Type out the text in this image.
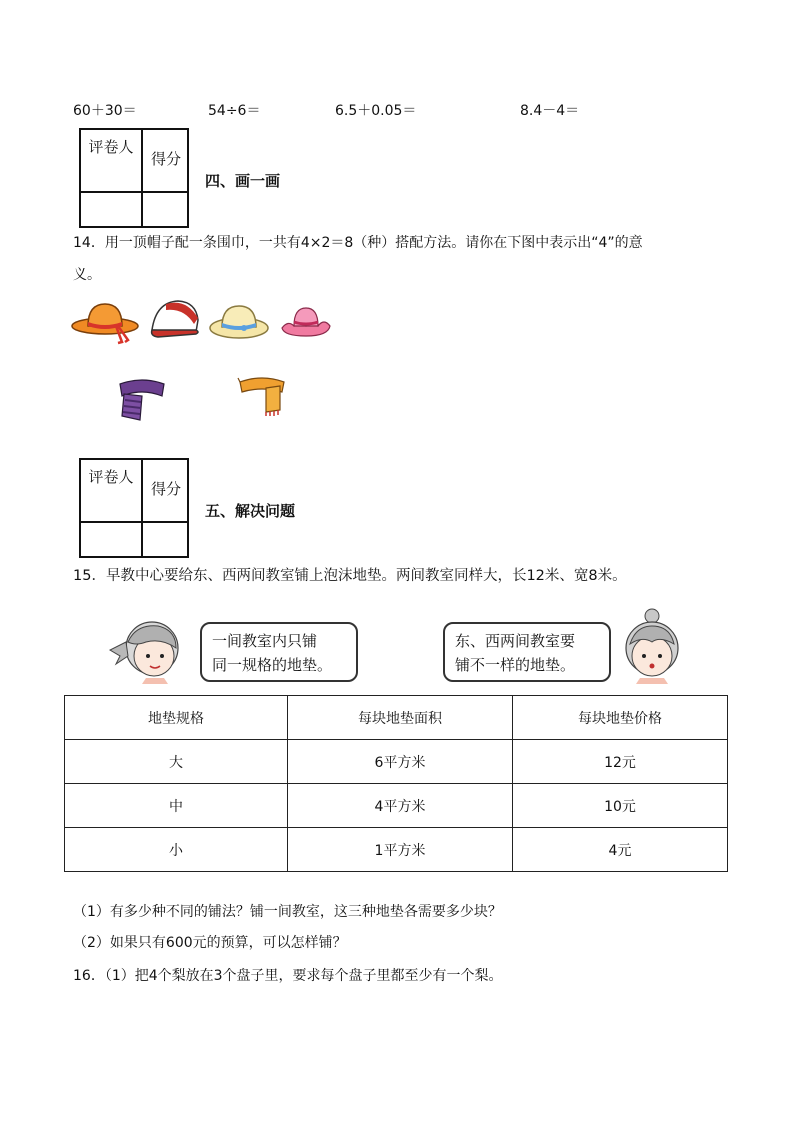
60＋30＝	54÷6＝	6.5＋0.05＝	8.4－4＝
评卷人
得分
四、画一画
14．用一顶帽子配一条围巾，一共有4×2＝8（种）搭配方法。请你在下图中表示出“4”的意
义。
评卷人
得分
五、解决问题
15．早教中心要给东、西两间教室铺上泡沫地垫。两间教室同样大，长12米、宽8米。
一间教室内只铺
同一规格的地垫。
东、西两间教室要
铺不一样的地垫。
地垫规格	每块地垫面积	每块地垫价格
大	6平方米	12元
中	4平方米	10元
小	1平方米	4元
（1）有多少种不同的铺法？铺一间教室，这三种地垫各需要多少块？
（2）如果只有600元的预算，可以怎样铺？
16．（1）把4个梨放在3个盘子里，要求每个盘子里都至少有一个梨。
